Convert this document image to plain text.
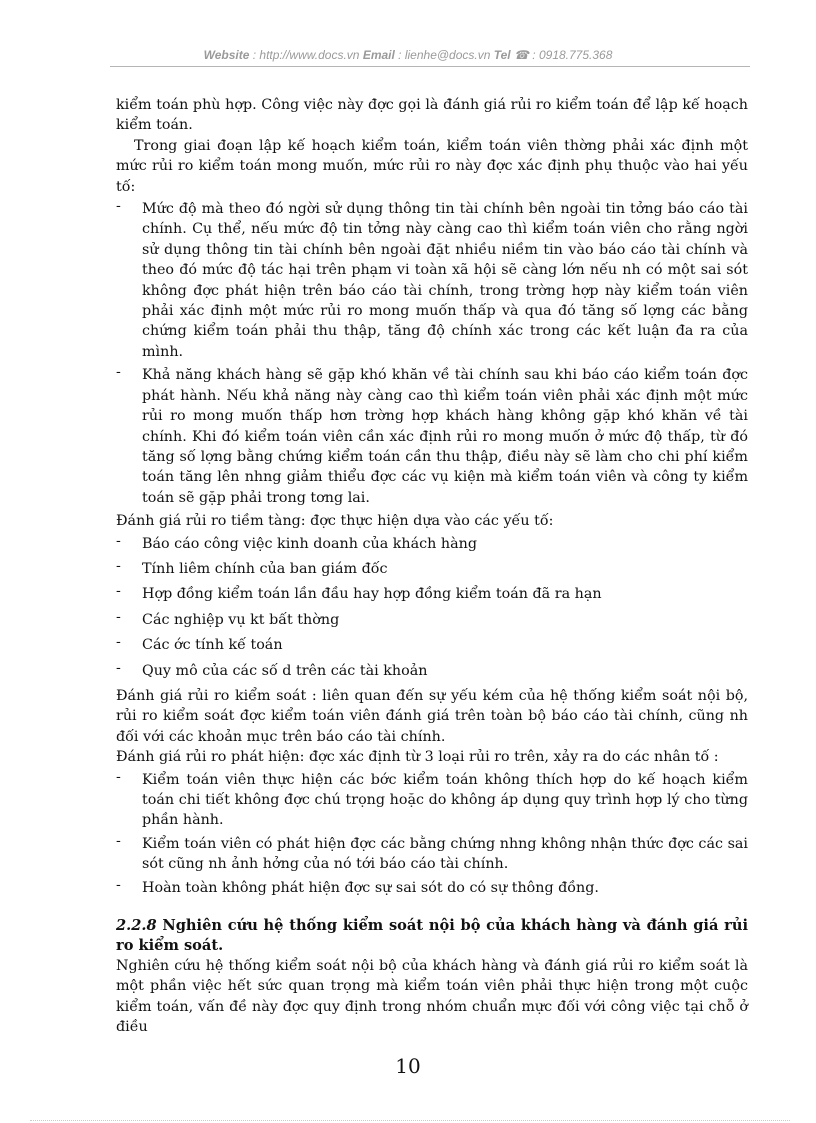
Website : http://www.docs.vn Email : lienhe@docs.vn Tel ☎ : 0918.775.368

kiểm toán phù hợp. Công việc này đợc gọi là đánh giá rủi ro kiểm toán để lập kế hoạch kiểm toán.

Trong giai đoạn lập kế hoạch kiểm toán, kiểm toán viên thờng phải xác định một mức rủi ro kiểm toán mong muốn, mức rủi ro này đợc xác định phụ thuộc vào hai yếu tố:

- Mức độ mà theo đó ngời sử dụng thông tin tài chính bên ngoài tin tởng báo cáo tài chính. Cụ thể, nếu mức độ tin tởng này càng cao thì kiểm toán viên cho rằng ngời sử dụng thông tin tài chính bên ngoài đặt nhiều niềm tin vào báo cáo tài chính và theo đó mức độ tác hại trên phạm vi toàn xã hội sẽ càng lớn nếu nh có một sai sót không đợc phát hiện trên báo cáo tài chính, trong trờng hợp này kiểm toán viên phải xác định một mức rủi ro mong muốn thấp và qua đó tăng số lợng các bằng chứng kiểm toán phải thu thập, tăng độ chính xác trong các kết luận đa ra của mình.
- Khả năng khách hàng sẽ gặp khó khăn về tài chính sau khi báo cáo kiểm toán đợc phát hành. Nếu khả năng này càng cao thì kiểm toán viên phải xác định một mức rủi ro mong muốn thấp hơn trờng hợp khách hàng không gặp khó khăn về tài chính. Khi đó kiểm toán viên cần xác định rủi ro mong muốn ở mức độ thấp, từ đó tăng số lợng bằng chứng kiểm toán cần thu thập, điều này sẽ làm cho chi phí kiểm toán tăng lên nhng giảm thiểu đợc các vụ kiện mà kiểm toán viên và công ty kiểm toán sẽ gặp phải trong tơng lai.

Đánh giá rủi ro tiềm tàng: đợc thực hiện dựa vào các yếu tố:

- Báo cáo công việc kinh doanh của khách hàng
- Tính liêm chính của ban giám đốc
- Hợp đồng kiểm toán lần đầu hay hợp đồng kiểm toán đã ra hạn
- Các nghiệp vụ kt bất thờng
- Các ớc tính kế toán
- Quy mô của các số d trên các tài khoản

Đánh giá rủi ro kiểm soát : liên quan đến sự yếu kém của hệ thống kiểm soát nội bộ, rủi ro kiểm soát đợc kiểm toán viên đánh giá trên toàn bộ báo cáo tài chính, cũng nh đối với các khoản mục trên báo cáo tài chính.

Đánh giá rủi ro phát hiện: đợc xác định từ 3 loại rủi ro trên, xảy ra do các nhân tố :

- Kiểm toán viên thực hiện các bớc kiểm toán không thích hợp do kế hoạch kiểm toán chi tiết không đợc chú trọng hoặc do không áp dụng quy trình hợp lý cho từng phần hành.
- Kiểm toán viên có phát hiện đợc các bằng chứng nhng không nhận thức đợc các sai sót cũng nh ảnh hởng của nó tới báo cáo tài chính.
- Hoàn toàn không phát hiện đợc sự sai sót do có sự thông đồng.
2.2.8 Nghiên cứu hệ thống kiểm soát nội bộ của khách hàng và đánh giá rủi ro kiểm soát.

Nghiên cứu hệ thống kiểm soát nội bộ của khách hàng và đánh giá rủi ro kiểm soát là một phần việc hết sức quan trọng mà kiểm toán viên phải thực hiện trong một cuộc kiểm toán, vấn đề này đợc quy định trong nhóm chuẩn mực đối với công việc tại chỗ ở điều

10
